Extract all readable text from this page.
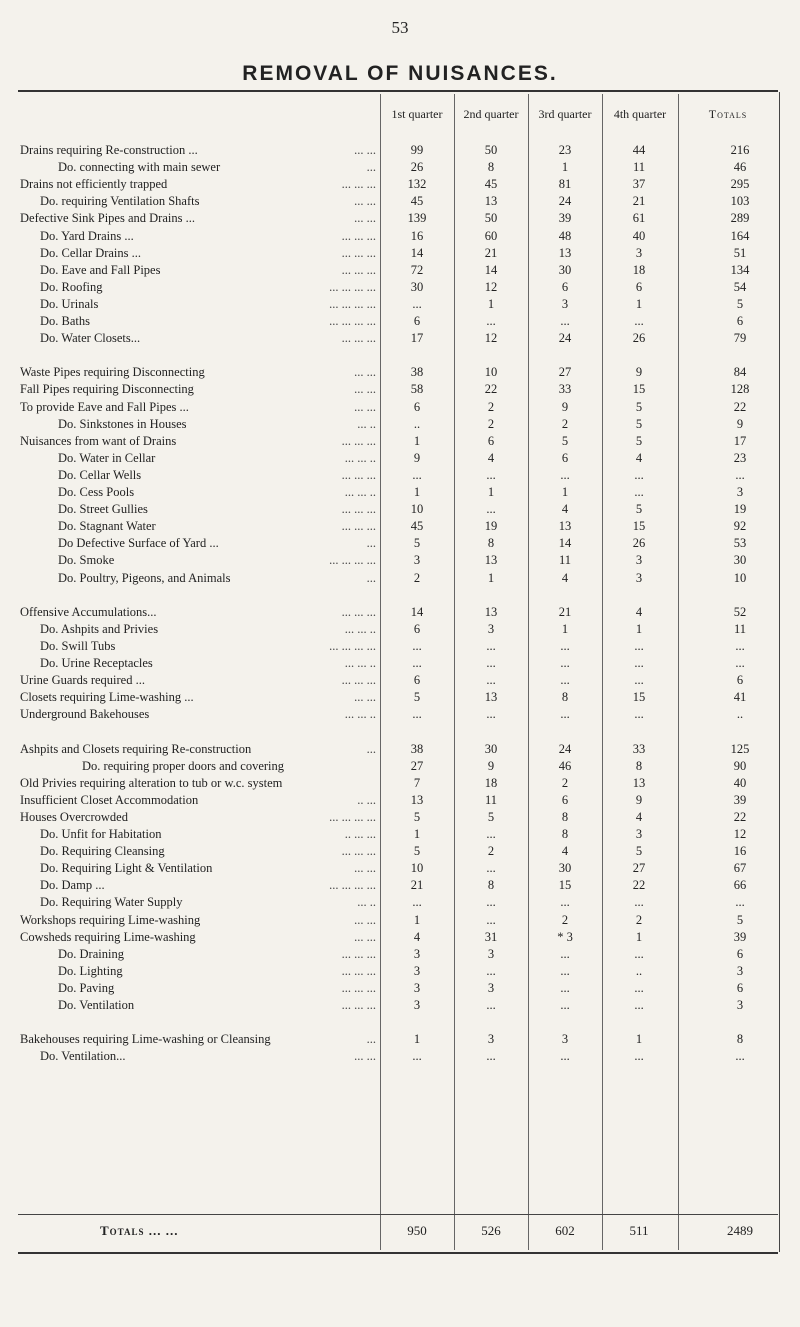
53
REMOVAL OF NUISANCES.
1st quarter	2nd quarter	3rd quarter	4th quarter	Totals
Drains requiring Re-construction ...	... ...	99	50	23	44	216
Do. connecting with main sewer	...	26	8	1	11	46
Drains not efficiently trapped	... ... ...	132	45	81	37	295
Do. requiring Ventilation Shafts	... ...	45	13	24	21	103
Defective Sink Pipes and Drains ...	... ...	139	50	39	61	289
Do. Yard Drains ...	... ... ...	16	60	48	40	164
Do. Cellar Drains ...	... ... ...	14	21	13	3	51
Do. Eave and Fall Pipes	... ... ...	72	14	30	18	134
Do. Roofing	... ... ... ...	30	12	6	6	54
Do. Urinals	... ... ... ...	...	1	3	1	5
Do. Baths	... ... ... ...	6	...	...	...	6
Do. Water Closets...	... ... ...	17	12	24	26	79
Waste Pipes requiring Disconnecting	... ...	38	10	27	9	84
Fall Pipes requiring Disconnecting	... ...	58	22	33	15	128
To provide Eave and Fall Pipes ...	... ...	6	2	9	5	22
Do. Sinkstones in Houses	... ..	..	2	2	5	9
Nuisances from want of Drains	... ... ...	1	6	5	5	17
Do. Water in Cellar	... ... ..	9	4	6	4	23
Do. Cellar Wells	... ... ...	...	...	...	...	...
Do. Cess Pools	... ... ..	1	1	1	...	3
Do. Street Gullies	... ... ...	10	...	4	5	19
Do. Stagnant Water	... ... ...	45	19	13	15	92
Do Defective Surface of Yard ...	...	5	8	14	26	53
Do. Smoke	... ... ... ...	3	13	11	3	30
Do. Poultry, Pigeons, and Animals	...	2	1	4	3	10
Offensive Accumulations...	... ... ...	14	13	21	4	52
Do. Ashpits and Privies	... ... ..	6	3	1	1	11
Do. Swill Tubs	... ... ... ...	...	...	...	...	...
Do. Urine Receptacles	... ... ..	...	...	...	...	...
Urine Guards required ...	... ... ...	6	...	...	...	6
Closets requiring Lime-washing ...	... ...	5	13	8	15	41
Underground Bakehouses	... ... ..	...	...	...	...	..
Ashpits and Closets requiring Re-construction	...	38	30	24	33	125
Do. requiring proper doors and covering	27	9	46	8	90
Old Privies requiring alteration to tub or w.c. system	7	18	2	13	40
Insufficient Closet Accommodation	.. ...	13	11	6	9	39
Houses Overcrowded	... ... ... ...	5	5	8	4	22
Do. Unfit for Habitation	.. ... ...	1	...	8	3	12
Do. Requiring Cleansing	... ... ...	5	2	4	5	16
Do. Requiring Light & Ventilation	... ...	10	...	30	27	67
Do. Damp ...	... ... ... ...	21	8	15	22	66
Do. Requiring Water Supply	... ..	...	...	...	...	...
Workshops requiring Lime-washing	... ...	1	...	2	2	5
Cowsheds requiring Lime-washing	... ...	4	31	* 3	1	39
Do. Draining	... ... ...	3	3	...	...	6
Do. Lighting	... ... ...	3	...	...	..	3
Do. Paving	... ... ...	3	3	...	...	6
Do. Ventilation	... ... ...	3	...	...	...	3
Bakehouses requiring Lime-washing or Cleansing	...	1	3	3	1	8
Do. Ventilation...	... ...	...	...	...	...	...
Totals ... ...	950	526	602	511	2489
